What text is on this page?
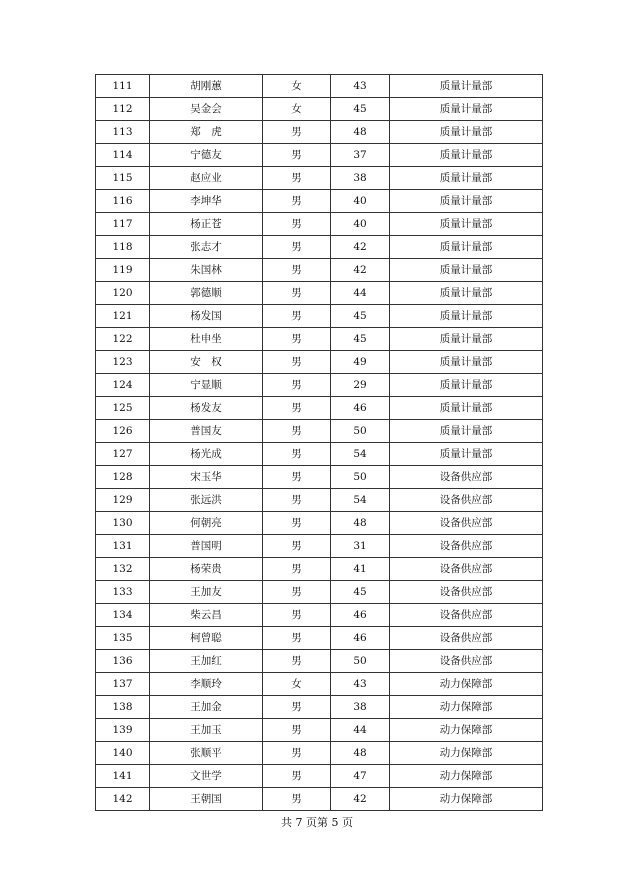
111	胡刚蕙	女	43	质量计量部
112	吴金会	女	45	质量计量部
113	郑　虎	男	48	质量计量部
114	宁德友	男	37	质量计量部
115	赵应业	男	38	质量计量部
116	李坤华	男	40	质量计量部
117	杨正苍	男	40	质量计量部
118	张志才	男	42	质量计量部
119	朱国林	男	42	质量计量部
120	郭德顺	男	44	质量计量部
121	杨发国	男	45	质量计量部
122	杜申坐	男	45	质量计量部
123	安　权	男	49	质量计量部
124	宁显顺	男	29	质量计量部
125	杨发友	男	46	质量计量部
126	普国友	男	50	质量计量部
127	杨光成	男	54	质量计量部
128	宋玉华	男	50	设备供应部
129	张远洪	男	54	设备供应部
130	何朝亮	男	48	设备供应部
131	普国明	男	31	设备供应部
132	杨荣贵	男	41	设备供应部
133	王加友	男	45	设备供应部
134	柴云昌	男	46	设备供应部
135	柯曾聪	男	46	设备供应部
136	王加红	男	50	设备供应部
137	李顺玲	女	43	动力保障部
138	王加金	男	38	动力保障部
139	王加玉	男	44	动力保障部
140	张顺平	男	48	动力保障部
141	文世学	男	47	动力保障部
142	王朝国	男	42	动力保障部
共 7 页第 5 页
